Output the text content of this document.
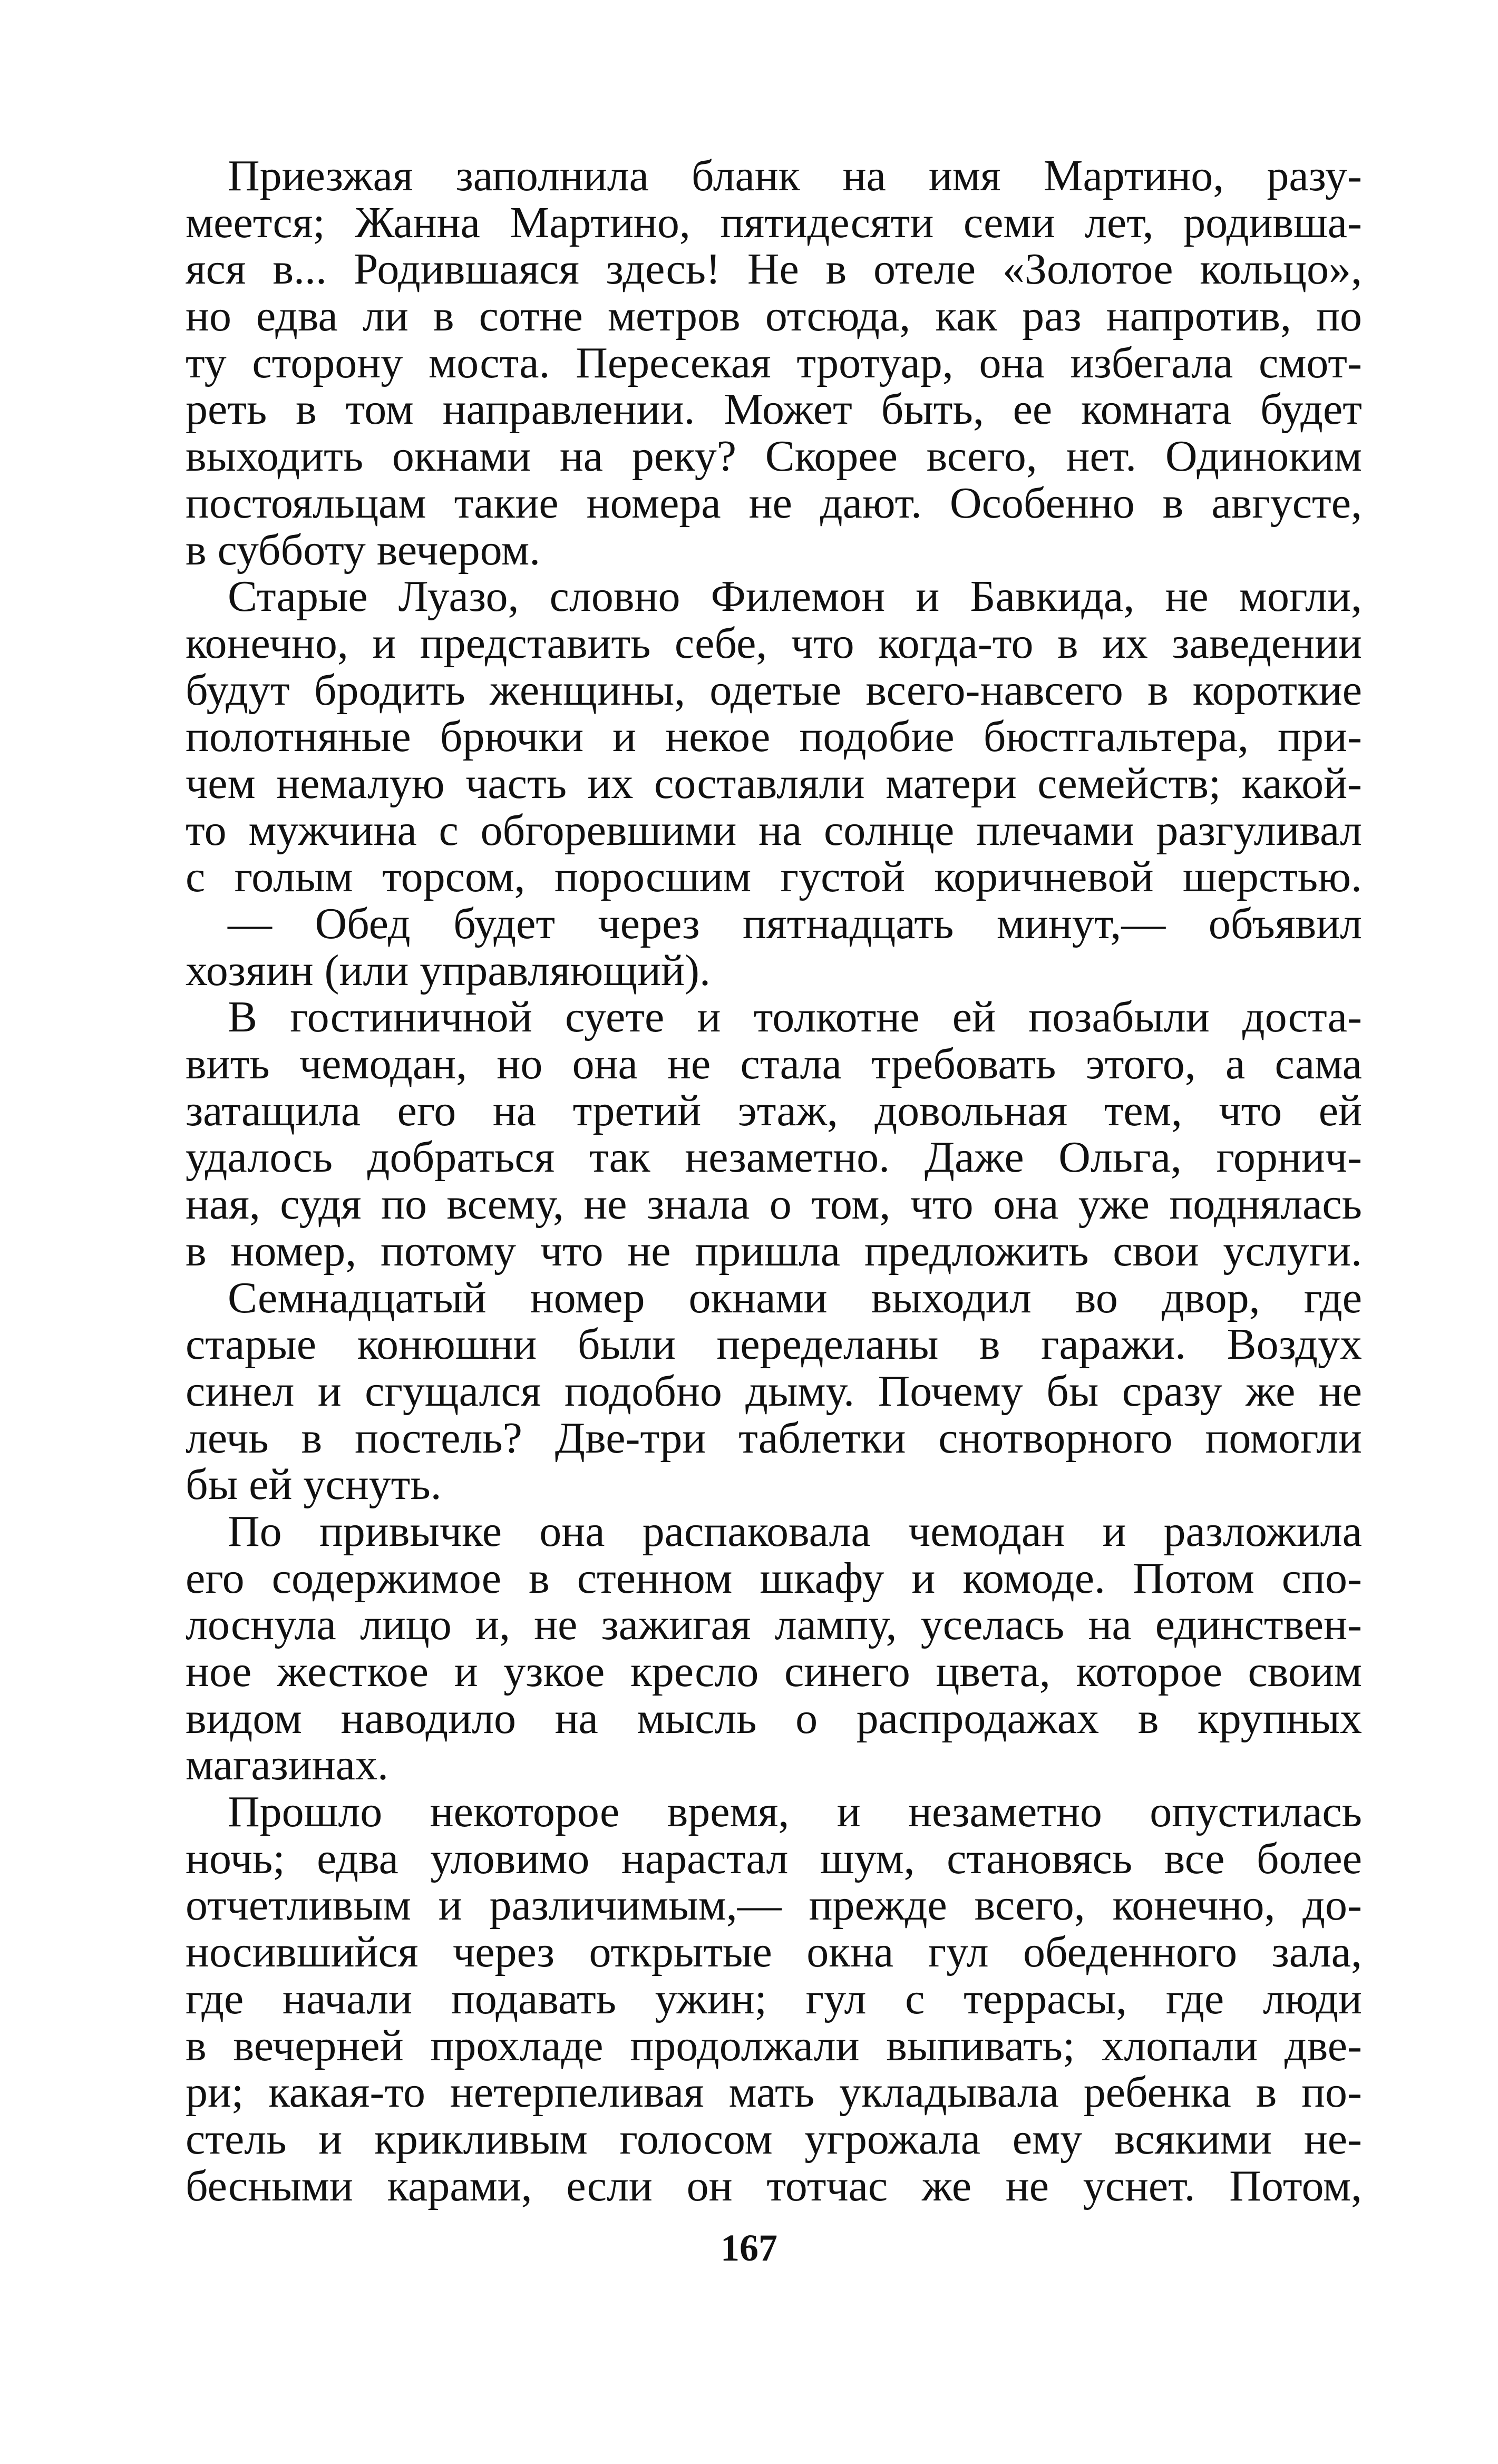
Приезжая заполнила бланк на имя Мартино, разу-
меется; Жанна Мартино, пятидесяти семи лет, родивша-
яся в... Родившаяся здесь! Не в отеле «Золотое кольцо»,
но едва ли в сотне метров отсюда, как раз напротив, по
ту сторону моста. Пересекая тротуар, она избегала смот-
реть в том направлении. Может быть, ее комната будет
выходить окнами на реку? Скорее всего, нет. Одиноким
постояльцам такие номера не дают. Особенно в августе,
в субботу вечером.
Старые Луазо, словно Филемон и Бавкида, не могли,
конечно, и представить себе, что когда-то в их заведении
будут бродить женщины, одетые всего-навсего в короткие
полотняные брючки и некое подобие бюстгальтера, при-
чем немалую часть их составляли матери семейств; какой-
то мужчина с обгоревшими на солнце плечами разгуливал
с голым торсом, поросшим густой коричневой шерстью.
— Обед будет через пятнадцать минут,— объявил
хозяин (или управляющий).
В гостиничной суете и толкотне ей позабыли доста-
вить чемодан, но она не стала требовать этого, а сама
затащила его на третий этаж, довольная тем, что ей
удалось добраться так незаметно. Даже Ольга, горнич-
ная, судя по всему, не знала о том, что она уже поднялась
в номер, потому что не пришла предложить свои услуги.
Семнадцатый номер окнами выходил во двор, где
старые конюшни были переделаны в гаражи. Воздух
синел и сгущался подобно дыму. Почему бы сразу же не
лечь в постель? Две-три таблетки снотворного помогли
бы ей уснуть.
По привычке она распаковала чемодан и разложила
его содержимое в стенном шкафу и комоде. Потом спо-
лоснула лицо и, не зажигая лампу, уселась на единствен-
ное жесткое и узкое кресло синего цвета, которое своим
видом наводило на мысль о распродажах в крупных
магазинах.
Прошло некоторое время, и незаметно опустилась
ночь; едва уловимо нарастал шум, становясь все более
отчетливым и различимым,— прежде всего, конечно, до-
носившийся через открытые окна гул обеденного зала,
где начали подавать ужин; гул с террасы, где люди
в вечерней прохладе продолжали выпивать; хлопали две-
ри; какая-то нетерпеливая мать укладывала ребенка в по-
стель и крикливым голосом угрожала ему всякими не-
бесными карами, если он тотчас же не уснет. Потом,
167
